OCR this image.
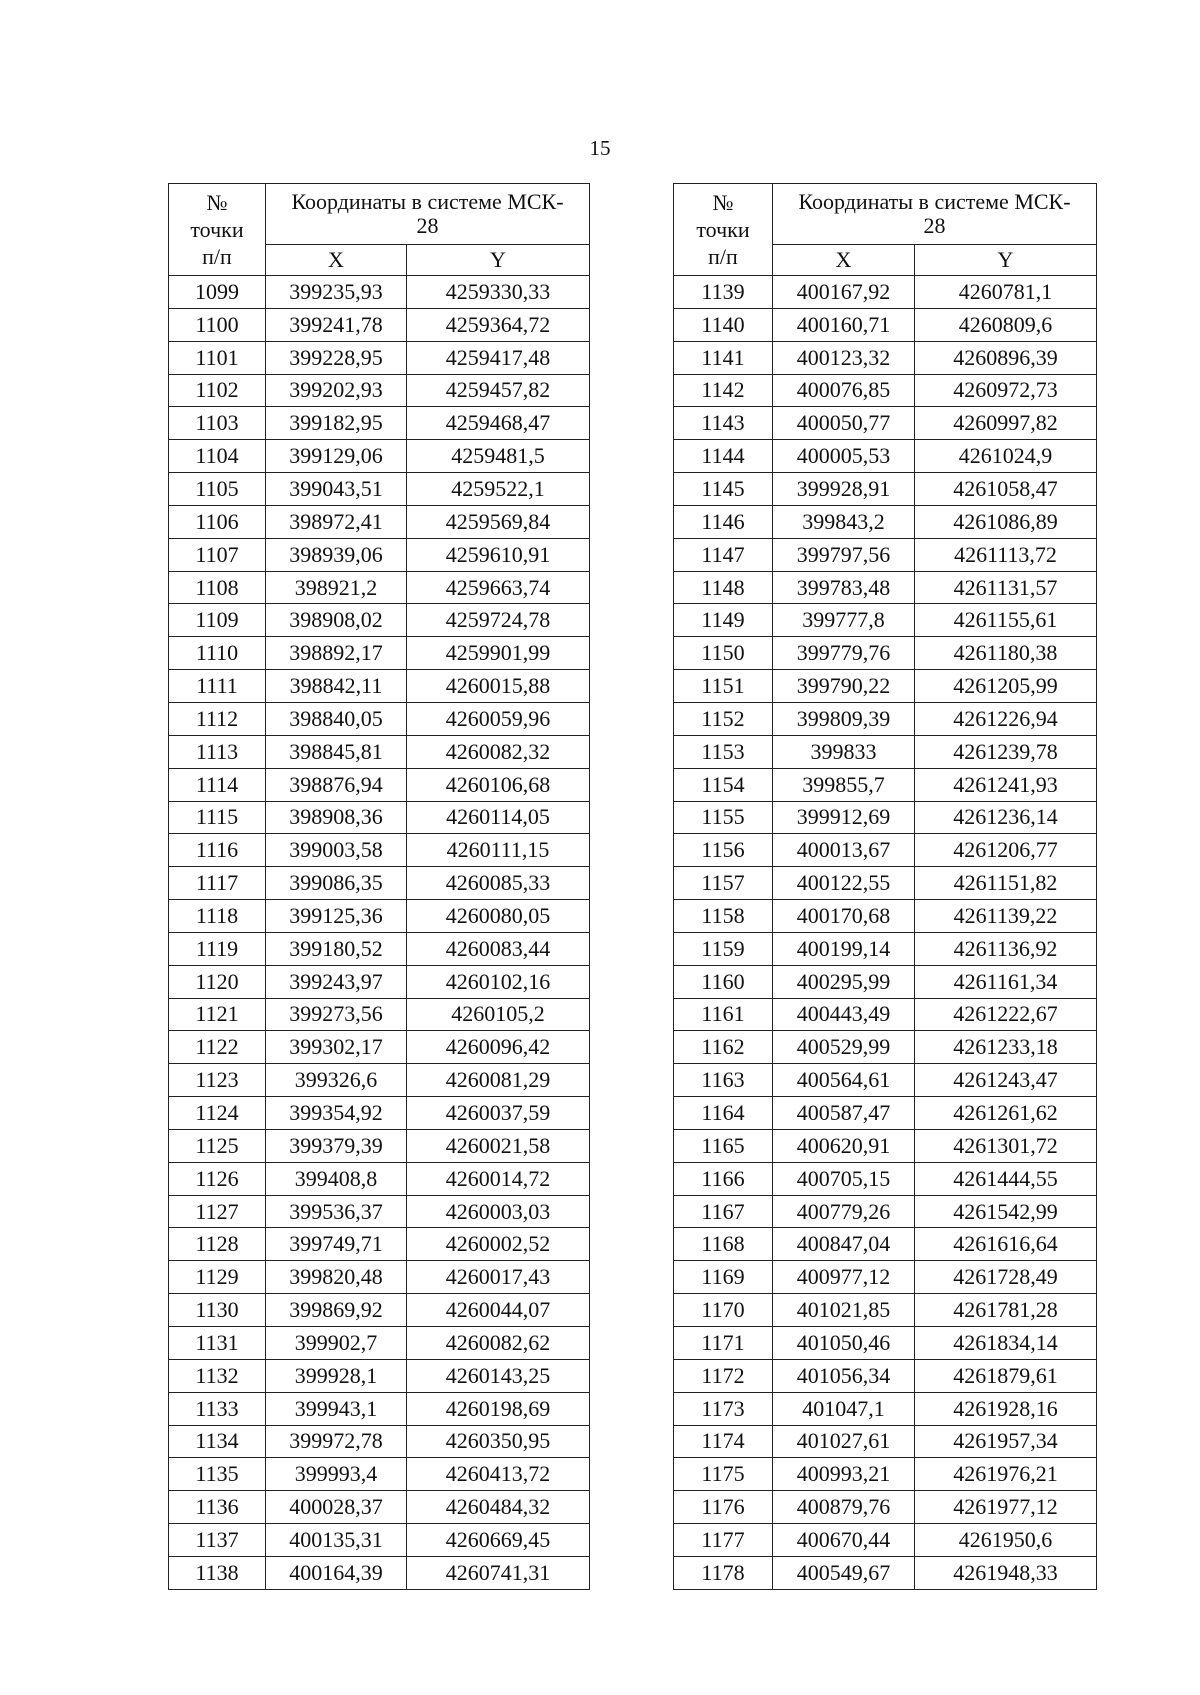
15
№
точки
п/п	Координаты в системе МСК-
28	
	X	Y
1099	399235,93	4259330,33
1100	399241,78	4259364,72
1101	399228,95	4259417,48
1102	399202,93	4259457,82
1103	399182,95	4259468,47
1104	399129,06	4259481,5
1105	399043,51	4259522,1
1106	398972,41	4259569,84
1107	398939,06	4259610,91
1108	398921,2	4259663,74
1109	398908,02	4259724,78
1110	398892,17	4259901,99
1111	398842,11	4260015,88
1112	398840,05	4260059,96
1113	398845,81	4260082,32
1114	398876,94	4260106,68
1115	398908,36	4260114,05
1116	399003,58	4260111,15
1117	399086,35	4260085,33
1118	399125,36	4260080,05
1119	399180,52	4260083,44
1120	399243,97	4260102,16
1121	399273,56	4260105,2
1122	399302,17	4260096,42
1123	399326,6	4260081,29
1124	399354,92	4260037,59
1125	399379,39	4260021,58
1126	399408,8	4260014,72
1127	399536,37	4260003,03
1128	399749,71	4260002,52
1129	399820,48	4260017,43
1130	399869,92	4260044,07
1131	399902,7	4260082,62
1132	399928,1	4260143,25
1133	399943,1	4260198,69
1134	399972,78	4260350,95
1135	399993,4	4260413,72
1136	400028,37	4260484,32
1137	400135,31	4260669,45
1138	400164,39	4260741,31
№
точки
п/п	Координаты в системе МСК-
28	
	X	Y
1139	400167,92	4260781,1
1140	400160,71	4260809,6
1141	400123,32	4260896,39
1142	400076,85	4260972,73
1143	400050,77	4260997,82
1144	400005,53	4261024,9
1145	399928,91	4261058,47
1146	399843,2	4261086,89
1147	399797,56	4261113,72
1148	399783,48	4261131,57
1149	399777,8	4261155,61
1150	399779,76	4261180,38
1151	399790,22	4261205,99
1152	399809,39	4261226,94
1153	399833	4261239,78
1154	399855,7	4261241,93
1155	399912,69	4261236,14
1156	400013,67	4261206,77
1157	400122,55	4261151,82
1158	400170,68	4261139,22
1159	400199,14	4261136,92
1160	400295,99	4261161,34
1161	400443,49	4261222,67
1162	400529,99	4261233,18
1163	400564,61	4261243,47
1164	400587,47	4261261,62
1165	400620,91	4261301,72
1166	400705,15	4261444,55
1167	400779,26	4261542,99
1168	400847,04	4261616,64
1169	400977,12	4261728,49
1170	401021,85	4261781,28
1171	401050,46	4261834,14
1172	401056,34	4261879,61
1173	401047,1	4261928,16
1174	401027,61	4261957,34
1175	400993,21	4261976,21
1176	400879,76	4261977,12
1177	400670,44	4261950,6
1178	400549,67	4261948,33
